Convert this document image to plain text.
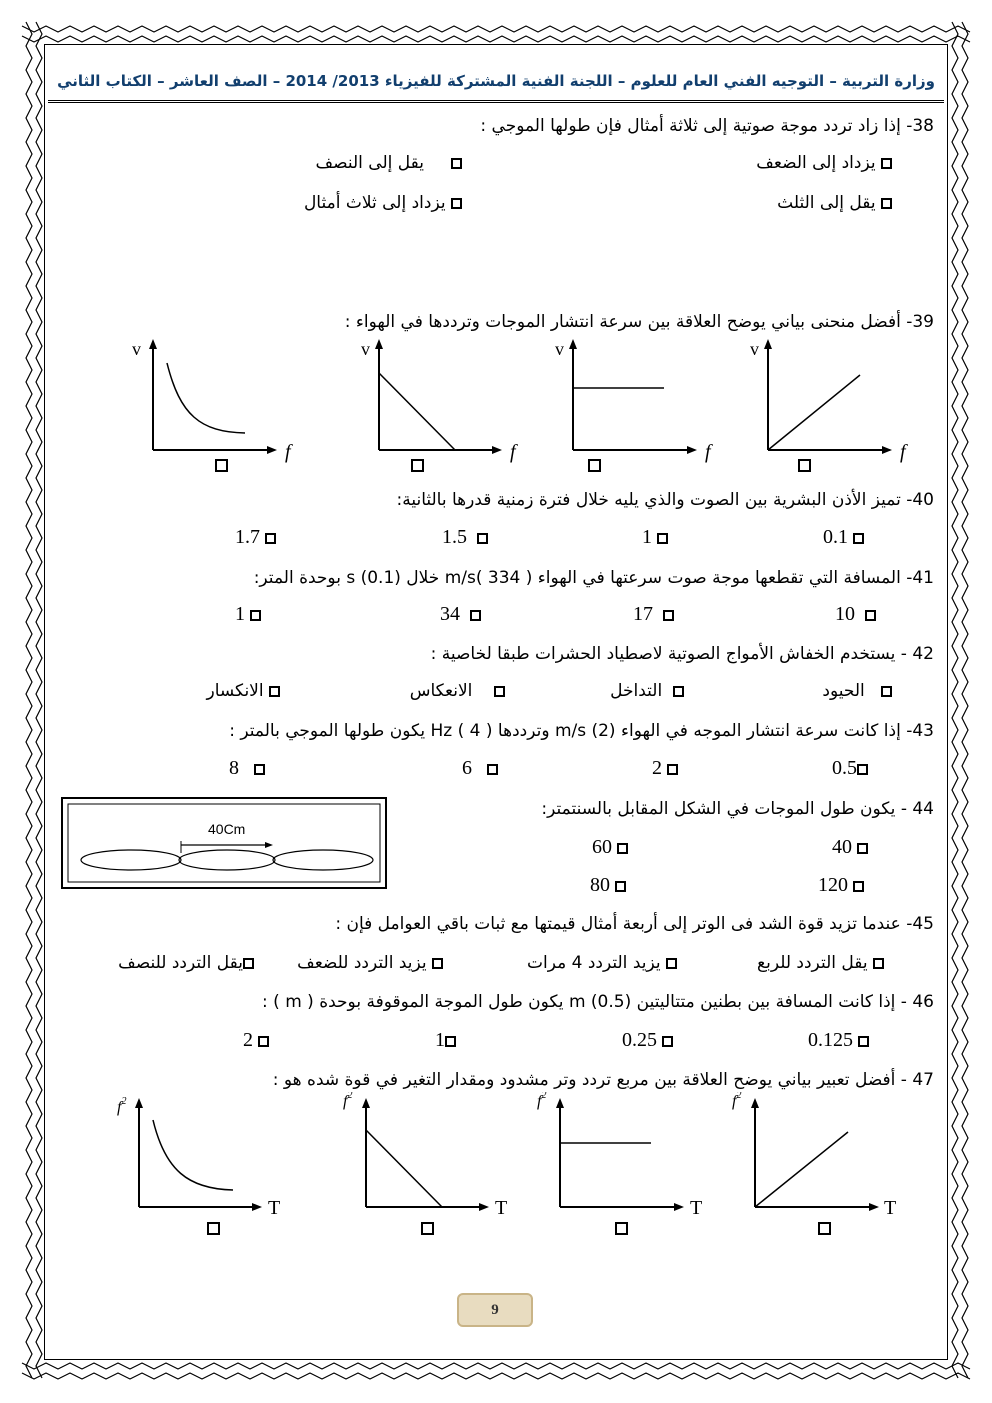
وزارة التربية – التوجيه الفني العام للعلوم – اللجنة الفنية المشتركة للفيزياء 2013/ 2014 – الصف العاشر – الكتاب الثاني
38- إذا زاد تردد موجة صوتية إلى ثلاثة أمثال فإن طولها الموجي :
يزداد إلى الضعف
يقل إلى النصف
يقل إلى الثلث
يزداد إلى ثلاث أمثال
39- أفضل منحنى بياني يوضح العلاقة بين سرعة انتشار الموجات وترددها في الهواء :
v
f
v
f
v
f
v
f
40- تميز الأذن البشرية بين الصوت والذي يليه خلال فترة زمنية قدرها بالثانية:
0.1
1
1.5
1.7
41- المسافة التي تقطعها موجة صوت سرعتها في الهواء m/s( 334 ) خلال s (0.1) بوحدة المتر:
10
17
34
1
42 - يستخدم الخفاش الأمواج الصوتية لاصطياد الحشرات طبقا لخاصية :
الحيود
التداخل
الانعكاس
الانكسار
43- إذا كانت سرعة انتشار الموجه في الهواء m/s (2) وترددها Hz ( 4 ) يكون طولها الموجي بالمتر :
0.5
2
6
8
44 - يكون طول الموجات في الشكل المقابل بالسنتمتر:
40Cm
40
60
120
80
45- عندما تزيد قوة الشد فى الوتر إلى أربعة أمثال قيمتها مع ثبات باقي العوامل فإن :
يقل التردد للربع
يزيد التردد 4 مرات
يزيد التردد للضعف
يقل التردد للنصف
46 - إذا كانت المسافة بين بطنين متتاليتين m (0.5) يكون طول الموجة الموقوفة بوحدة ( m ) :
0.125
0.25
1
2
47 - أفضل تعبير بياني يوضح العلاقة بين مربع تردد وتر مشدود ومقدار التغير في قوة شده هو :
$f^2$
T
$f^2$
T
$f^2$
T
$f^2$
T
9
